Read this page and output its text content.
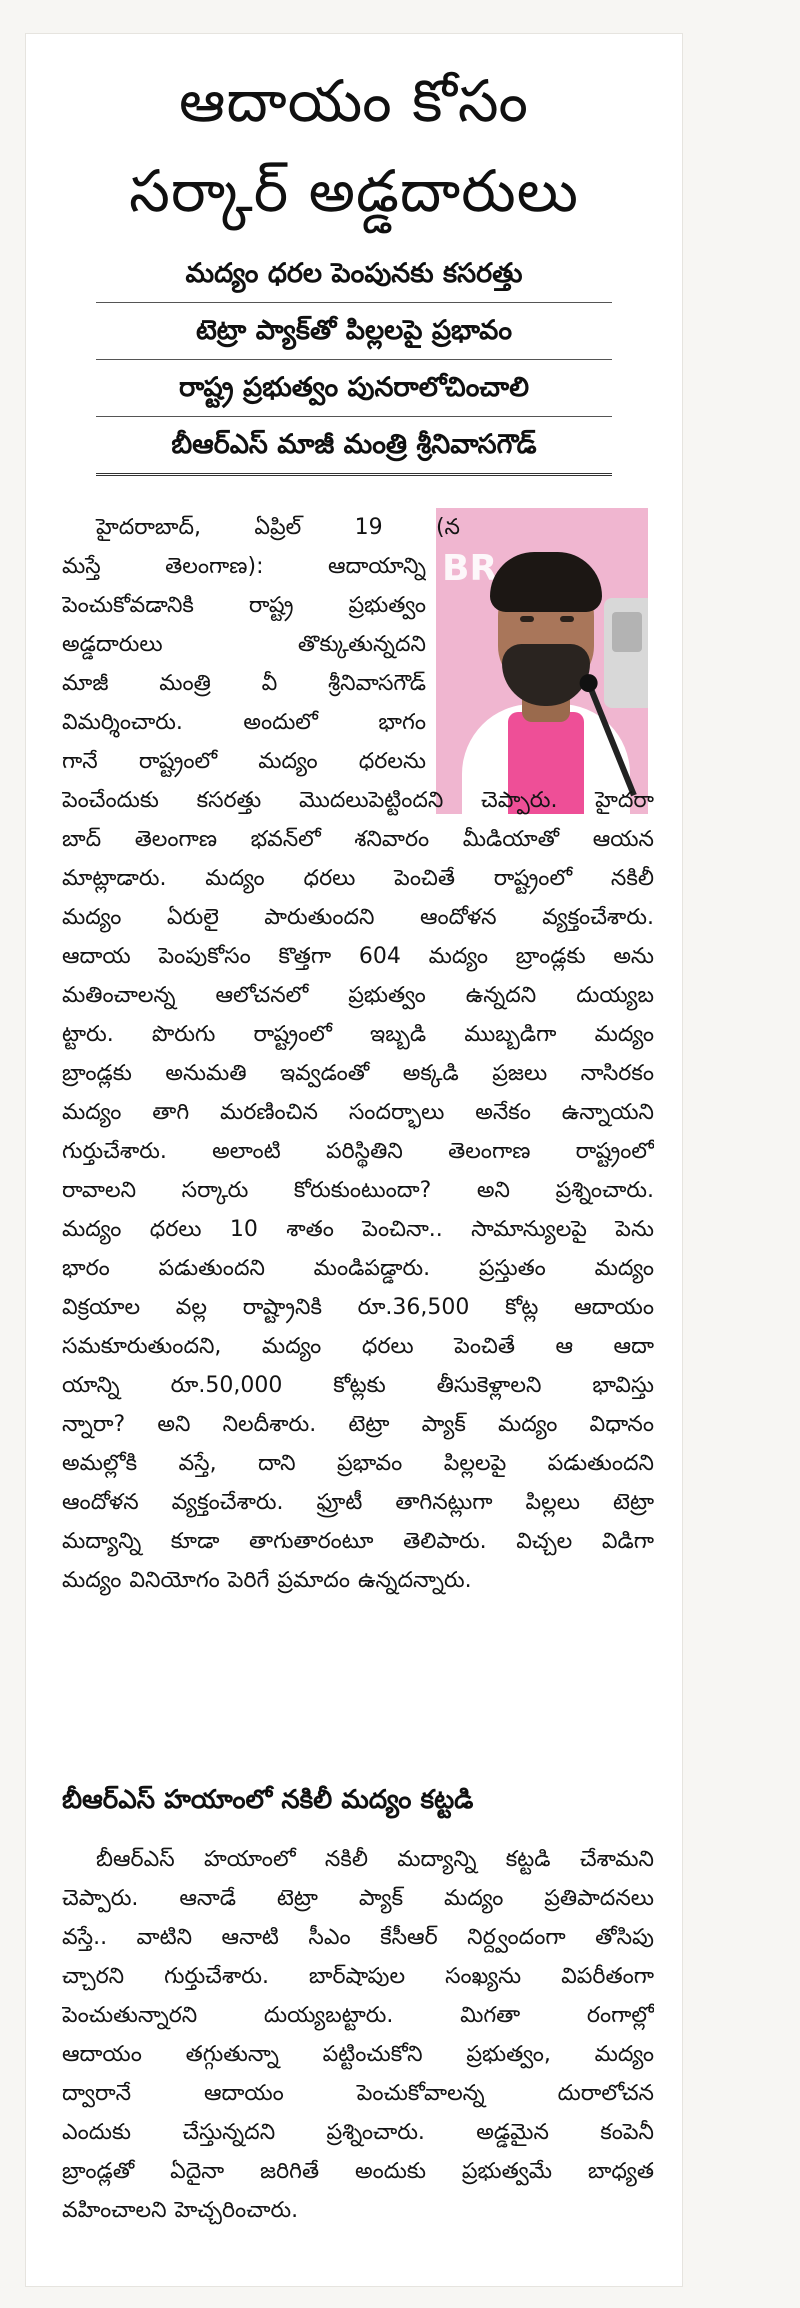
ఆదాయం కోసం
సర్కార్ అడ్డదారులు
మద్యం ధరల పెంపునకు కసరత్తు
టెట్రా ప్యాక్‌తో పిల్లలపై ప్రభావం
రాష్ట్ర ప్రభుత్వం పునరాలోచించాలి
బీఆర్‌ఎస్ మాజీ మంత్రి శ్రీనివాసగౌడ్
BR
హైదరాబాద్, ఏప్రిల్ 19 (న
మస్తే తెలంగాణ): ఆదాయాన్ని
పెంచుకోవడానికి రాష్ట్ర ప్రభుత్వం
అడ్డదారులు తొక్కుతున్నదని
మాజీ మంత్రి వీ శ్రీనివాసగౌడ్
విమర్శించారు. అందులో భాగం
గానే రాష్ట్రంలో మద్యం ధరలను
పెంచేందుకు కసరత్తు మొదలుపెట్టిందని చెప్పారు. హైదరా
బాద్ తెలంగాణ భవన్‌లో శనివారం మీడియాతో ఆయన
మాట్లాడారు. మద్యం ధరలు పెంచితే రాష్ట్రంలో నకిలీ
మద్యం ఏరులై పారుతుందని ఆందోళన వ్యక్తంచేశారు.
ఆదాయ పెంపుకోసం కొత్తగా 604 మద్యం బ్రాండ్లకు అను
మతించాలన్న ఆలోచనలో ప్రభుత్వం ఉన్నదని దుయ్యబ
ట్టారు. పొరుగు రాష్ట్రంలో ఇబ్బడి ముబ్బడిగా మద్యం
బ్రాండ్లకు అనుమతి ఇవ్వడంతో అక్కడి ప్రజలు నాసిరకం
మద్యం తాగి మరణించిన సందర్భాలు అనేకం ఉన్నాయని
గుర్తుచేశారు. అలాంటి పరిస్థితిని తెలంగాణ రాష్ట్రంలో
రావాలని సర్కారు కోరుకుంటుందా? అని ప్రశ్నించారు.
మద్యం ధరలు 10 శాతం పెంచినా.. సామాన్యులపై పెను
భారం పడుతుందని మండిపడ్డారు. ప్రస్తుతం మద్యం
విక్రయాల వల్ల రాష్ట్రానికి రూ.36,500 కోట్ల ఆదాయం
సమకూరుతుందని, మద్యం ధరలు పెంచితే ఆ ఆదా
యాన్ని రూ.50,000 కోట్లకు తీసుకెళ్లాలని భావిస్తు
న్నారా? అని నిలదీశారు. టెట్రా ప్యాక్ మద్యం విధానం
అమల్లోకి వస్తే, దాని ప్రభావం పిల్లలపై పడుతుందని
ఆందోళన వ్యక్తంచేశారు. ఫ్రూటీ తాగినట్లుగా పిల్లలు టెట్రా
మద్యాన్ని కూడా తాగుతారంటూ తెలిపారు. విచ్చల విడిగా
మద్యం వినియోగం పెరిగే ప్రమాదం ఉన్నదన్నారు.
బీఆర్‌ఎస్ హయాంలో నకిలీ మద్యం కట్టడి
బీఆర్‌ఎస్ హయాంలో నకిలీ మద్యాన్ని కట్టడి చేశామని
చెప్పారు. ఆనాడే టెట్రా ప్యాక్ మద్యం ప్రతిపాదనలు
వస్తే.. వాటిని ఆనాటి సీఎం కేసీఆర్ నిర్ద్వందంగా తోసిపు
చ్చారని గుర్తుచేశారు. బార్‌షాపుల సంఖ్యను విపరీతంగా
పెంచుతున్నారని దుయ్యబట్టారు. మిగతా రంగాల్లో
ఆదాయం తగ్గుతున్నా పట్టించుకోని ప్రభుత్వం, మద్యం
ద్వారానే ఆదాయం పెంచుకోవాలన్న దురాలోచన
ఎందుకు చేస్తున్నదని ప్రశ్నించారు. అడ్డమైన కంపెనీ
బ్రాండ్లతో ఏదైనా జరిగితే అందుకు ప్రభుత్వమే బాధ్యత
వహించాలని హెచ్చరించారు.
